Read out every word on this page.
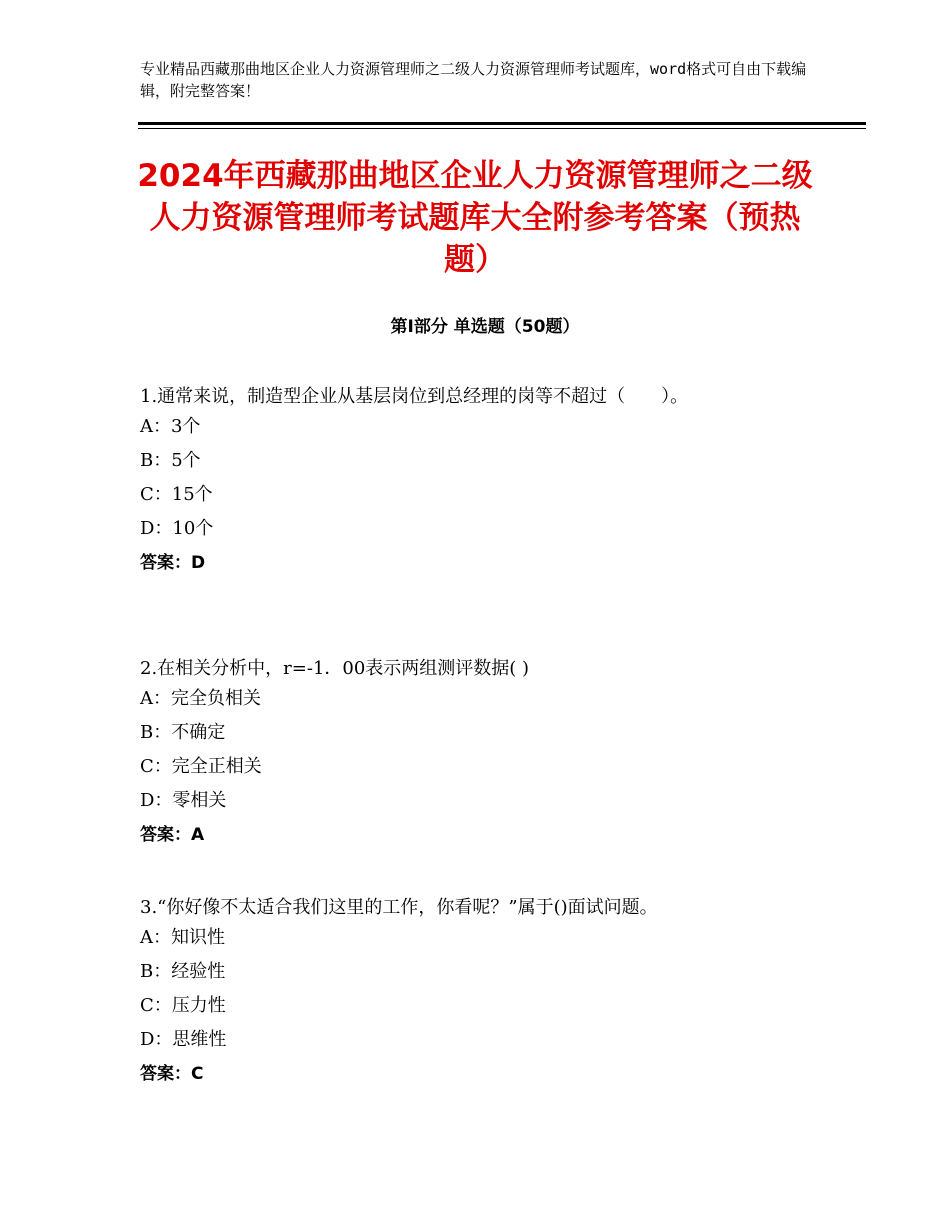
专业精品西藏那曲地区企业人力资源管理师之二级人力资源管理师考试题库，word格式可自由下载编辑，附完整答案！
2024年西藏那曲地区企业人力资源管理师之二级人力资源管理师考试题库大全附参考答案（预热题）
第Ⅰ部分 单选题（50题）

1.通常来说，制造型企业从基层岗位到总经理的岗等不超过（　　）。

A：3个

B：5个

C：15个

D：10个

答案：D

2.在相关分析中，r=-1．00表示两组测评数据( )

A：完全负相关

B：不确定

C：完全正相关

D：零相关

答案：A

3.“你好像不太适合我们这里的工作，你看呢？”属于()面试问题。

A：知识性

B：经验性

C：压力性

D：思维性

答案：C
